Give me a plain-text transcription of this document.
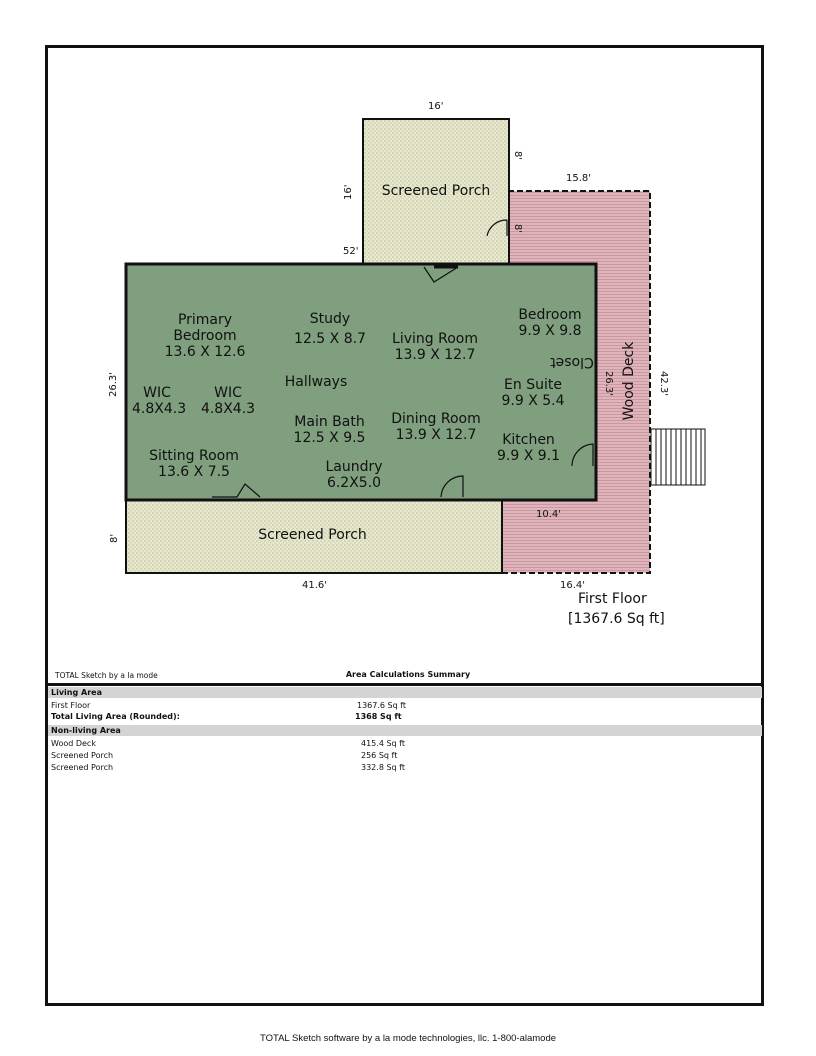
Primary
Bedroom
13.6 X 12.6
Study
12.5 X 8.7	Living Room
13.9 X 12.7
Bedroom
9.9 X 9.8
Closet
WIC
4.8X4.3
WIC
4.8X4.3
Hallways	En Suite
9.9 X 5.4
Main Bath
12.5 X 9.5
Dining Room
13.9 X 12.7	Kitchen
9.9 X 9.1
Sitting Room
13.6 X 7.5	Laundry
6.2X5.0
Screened Porch
Screened Porch
Wood Deck
16'
8'
16'
8'
15.8'
52'
26.3'	26.3'	42.3'
8'
41.6'
10.4'
16.4'
First Floor
[1367.6 Sq ft]
TOTAL Sketch by a la mode	Area Calculations Summary
Living Area
First Floor	1367.6 Sq ft
Total Living Area (Rounded):	1368 Sq ft
Non-living Area
Wood Deck	415.4 Sq ft
Screened Porch	256 Sq ft
Screened Porch	332.8 Sq ft
TOTAL Sketch software by a la mode technologies, llc. 1-800-alamode
